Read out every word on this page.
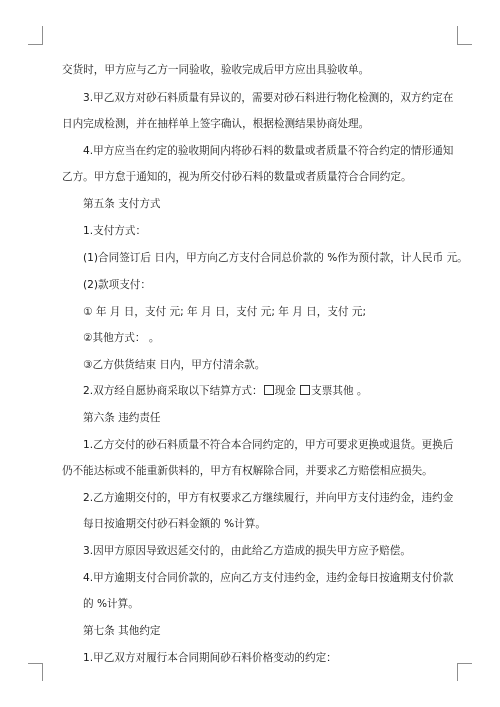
交货时，甲方应与乙方一同验收，验收完成后甲方应出具验收单。
3.甲乙双方对砂石料质量有异议的，需要对砂石料进行物化检测的，双方约定在
日内完成检测，并在抽样单上签字确认，根据检测结果协商处理。
4.甲方应当在约定的验收期间内将砂石料的数量或者质量不符合约定的情形通知
乙方。甲方怠于通知的，视为所交付砂石料的数量或者质量符合合同约定。
第五条 支付方式
1.支付方式：
(1)合同签订后 日内，甲方向乙方支付合同总价款的 %作为预付款，计人民币 元。
(2)款项支付：
① 年 月 日，支付 元; 年 月 日，支付 元; 年 月 日，支付 元;
②其他方式： 。
③乙方供货结束 日内，甲方付清余款。
2.双方经自愿协商采取以下结算方式： 现金 支票其他 。
第六条 违约责任
1.乙方交付的砂石料质量不符合本合同约定的，甲方可要求更换或退货。更换后
仍不能达标或不能重新供料的，甲方有权解除合同，并要求乙方赔偿相应损失。
2.乙方逾期交付的，甲方有权要求乙方继续履行，并向甲方支付违约金，违约金
每日按逾期交付砂石料金额的 %计算。
3.因甲方原因导致迟延交付的，由此给乙方造成的损失甲方应予赔偿。
4.甲方逾期支付合同价款的，应向乙方支付违约金，违约金每日按逾期支付价款
的 %计算。
第七条 其他约定
1.甲乙双方对履行本合同期间砂石料价格变动的约定：
